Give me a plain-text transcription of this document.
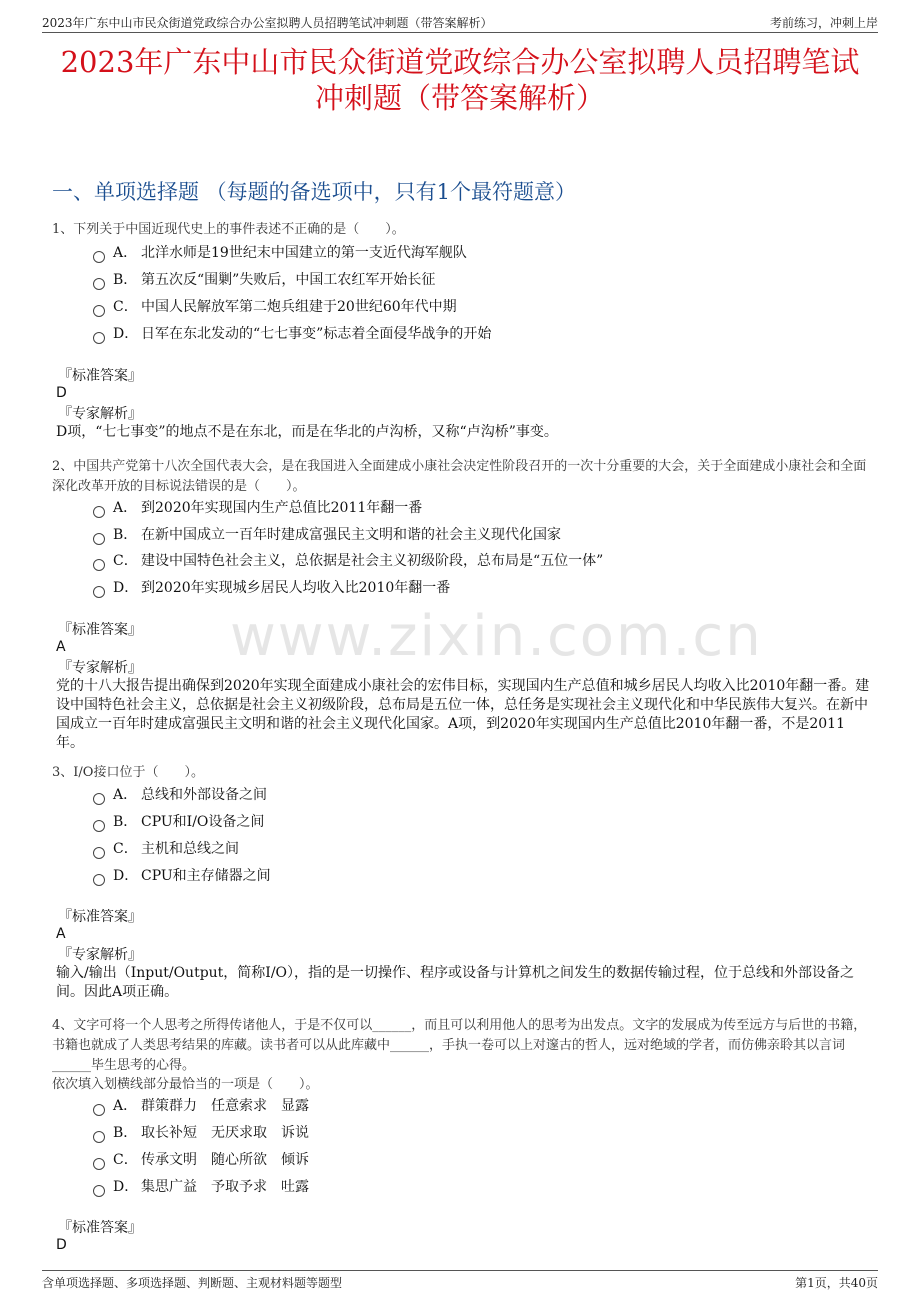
2023年广东中山市民众街道党政综合办公室拟聘人员招聘笔试冲刺题（带答案解析）	考前练习，冲刺上岸
2023年广东中山市民众街道党政综合办公室拟聘人员招聘笔试
冲刺题（带答案解析）
一、单项选择题 （每题的备选项中，只有1个最符题意）
www.zixin.com.cn
1、下列关于中国近现代史上的事件表述不正确的是（　　）。
A． 北洋水师是19世纪末中国建立的第一支近代海军舰队
B． 第五次反“围剿”失败后，中国工农红军开始长征
C． 中国人民解放军第二炮兵组建于20世纪60年代中期
D． 日军在东北发动的“七七事变”标志着全面侵华战争的开始
『标准答案』
D
『专家解析』
D项，“七七事变”的地点不是在东北，而是在华北的卢沟桥，又称“卢沟桥”事变。
2、中国共产党第十八次全国代表大会，是在我国进入全面建成小康社会决定性阶段召开的一次十分重要的大会，关于全面建成小康社会和全面深化改革开放的目标说法错误的是（　　）。
A． 到2020年实现国内生产总值比2011年翻一番
B． 在新中国成立一百年时建成富强民主文明和谐的社会主义现代化国家
C． 建设中国特色社会主义，总依据是社会主义初级阶段，总布局是“五位一体”
D． 到2020年实现城乡居民人均收入比2010年翻一番
『标准答案』
A
『专家解析』
党的十八大报告提出确保到2020年实现全面建成小康社会的宏伟目标，实现国内生产总值和城乡居民人均收入比2010年翻一番。建设中国特色社会主义，总依据是社会主义初级阶段，总布局是五位一体，总任务是实现社会主义现代化和中华民族伟大复兴。在新中国成立一百年时建成富强民主文明和谐的社会主义现代化国家。A项，到2020年实现国内生产总值比2010年翻一番，不是2011年。
3、I/O接口位于（　　）。
A． 总线和外部设备之间
B． CPU和I/O设备之间
C． 主机和总线之间
D． CPU和主存储器之间
『标准答案』
A
『专家解析』
输入/输出（Input/Output，简称I/O），指的是一切操作、程序或设备与计算机之间发生的数据传输过程，位于总线和外部设备之间。因此A项正确。
4、文字可将一个人思考之所得传诸他人，于是不仅可以______，而且可以利用他人的思考为出发点。文字的发展成为传至远方与后世的书籍，书籍也就成了人类思考结果的库藏。读书者可以从此库藏中______，手执一卷可以上对邃古的哲人，远对绝域的学者，而仿佛亲聆其以言词______毕生思考的心得。
依次填入划横线部分最恰当的一项是（　　）。
A． 群策群力　任意索求　显露
B． 取长补短　无厌求取　诉说
C． 传承文明　随心所欲　倾诉
D． 集思广益　予取予求　吐露
『标准答案』
D
含单项选择题、多项选择题、判断题、主观材料题等题型	第1页，共40页
